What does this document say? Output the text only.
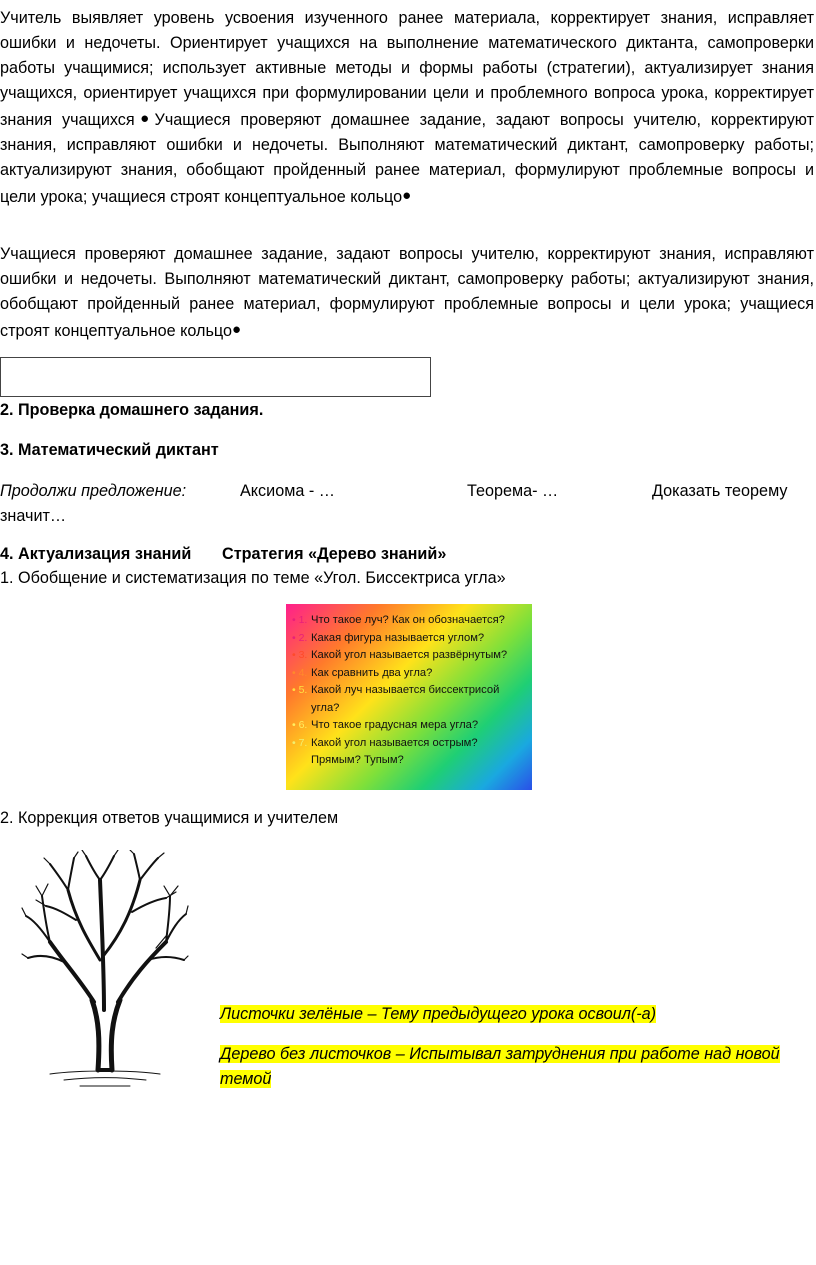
Учитель выявляет уровень усвоения изученного ранее материала, корректирует знания, исправляет ошибки и недочеты. Ориентирует учащихся на выполнение математического диктанта, самопроверки работы учащимися; использует активные методы и формы работы (стратегии), актуализирует знания учащихся, ориентирует учащихся при формулировании цели и проблемного вопроса урока, корректирует знания учащихся●Учащиеся проверяют домашнее задание, задают вопросы учителю, корректируют знания, исправляют ошибки и недочеты. Выполняют математический диктант, самопроверку работы; актуализируют знания, обобщают пройденный ранее материал, формулируют проблемные вопросы и цели урока; учащиеся строят концептуальное кольцо●

Учащиеся проверяют домашнее задание, задают вопросы учителю, корректируют знания, исправляют ошибки и недочеты. Выполняют математический диктант, самопроверку работы; актуализируют знания, обобщают пройденный ранее материал, формулируют проблемные вопросы и цели урока; учащиеся строят концептуальное кольцо●

2. Проверка домашнего задания.

3. Математический диктант

Продолжи предложение:	Аксиома - …	Теорема- …	Доказать теорему
значит…

4. Актуализация знаний Стратегия «Дерево знаний»

1. Обобщение и систематизация по теме «Угол. Биссектриса угла»

• 1. Что такое луч? Как он обозначается?
• 2. Какая фигура называется углом?
• 3. Какой угол называется развёрнутым?
• 4. Как сравнить два угла?
• 5. Какой луч называется биссектрисой угла?
• 6. Что такое градусная мера угла?
• 7. Какой угол называется острым?
Прямым? Тупым?

2. Коррекция ответов учащимися и учителем

Листочки зелёные – Тему предыдущего урока освоил(-а)
Дерево без листочков – Испытывал затруднения при работе над новой темой
